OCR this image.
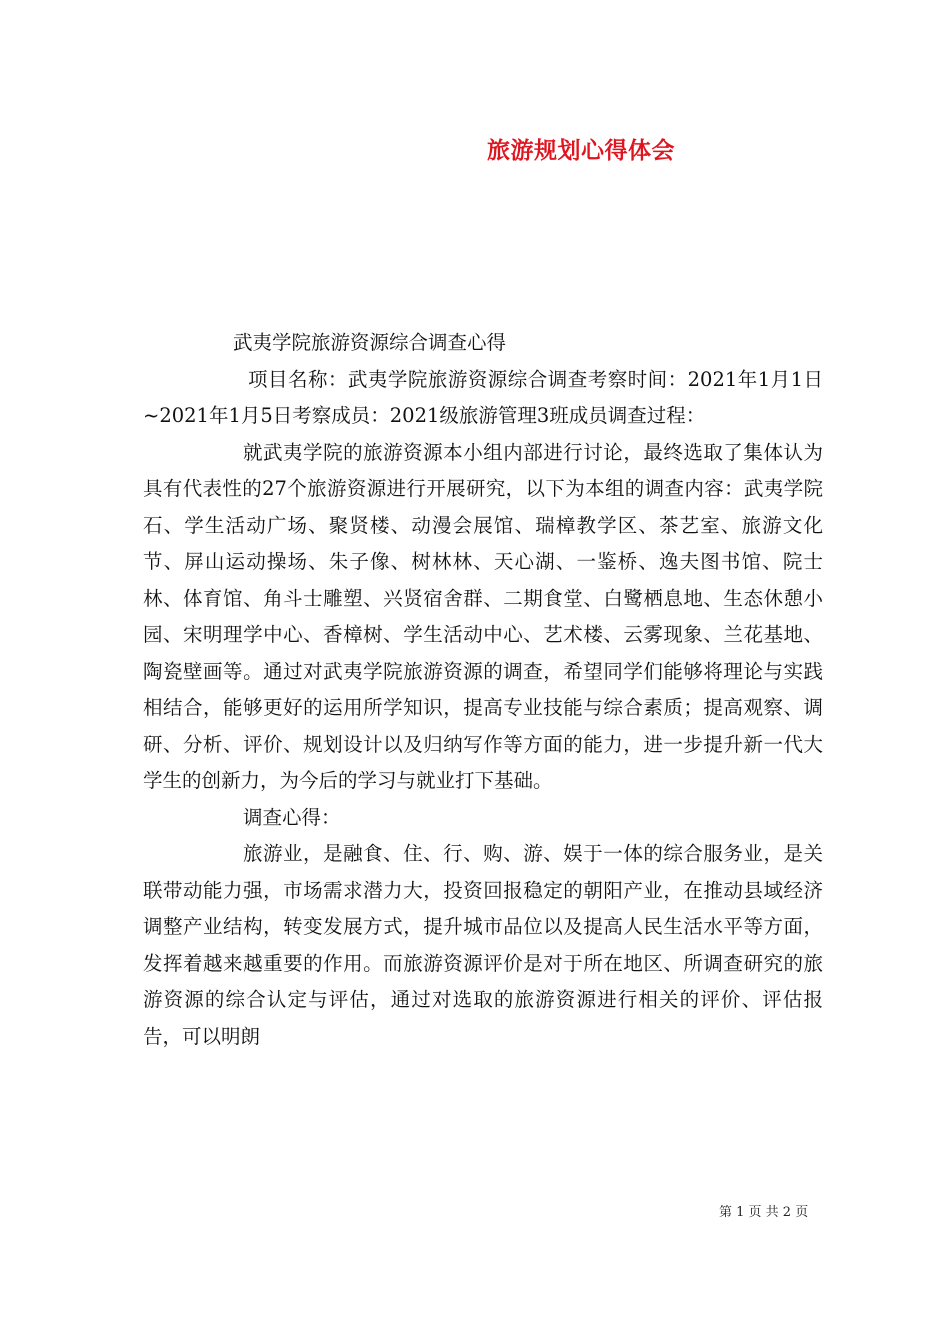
旅游规划心得体会

武夷学院旅游资源综合调查心得

项目名称：武夷学院旅游资源综合调查考察时间：2021年1月1日~2021年1月5日考察成员：2021级旅游管理3班成员调查过程：

就武夷学院的旅游资源本小组内部进行讨论，最终选取了集体认为具有代表性的27个旅游资源进行开展研究，以下为本组的调查内容：武夷学院石、学生活动广场、聚贤楼、动漫会展馆、瑞樟教学区、茶艺室、旅游文化节、屏山运动操场、朱子像、树林林、天心湖、一鉴桥、逸夫图书馆、院士林、体育馆、角斗士雕塑、兴贤宿舍群、二期食堂、白鹭栖息地、生态休憩小园、宋明理学中心、香樟树、学生活动中心、艺术楼、云雾现象、兰花基地、陶瓷壁画等。通过对武夷学院旅游资源的调查，希望同学们能够将理论与实践相结合，能够更好的运用所学知识，提高专业技能与综合素质；提高观察、调研、分析、评价、规划设计以及归纳写作等方面的能力，进一步提升新一代大学生的创新力，为今后的学习与就业打下基础。

调查心得：

旅游业，是融食、住、行、购、游、娱于一体的综合服务业，是关联带动能力强，市场需求潜力大，投资回报稳定的朝阳产业，在推动县域经济调整产业结构，转变发展方式，提升城市品位以及提高人民生活水平等方面，发挥着越来越重要的作用。而旅游资源评价是对于所在地区、所调查研究的旅游资源的综合认定与评估，通过对选取的旅游资源进行相关的评价、评估报告，可以明朗

第 1 页 共 2 页
